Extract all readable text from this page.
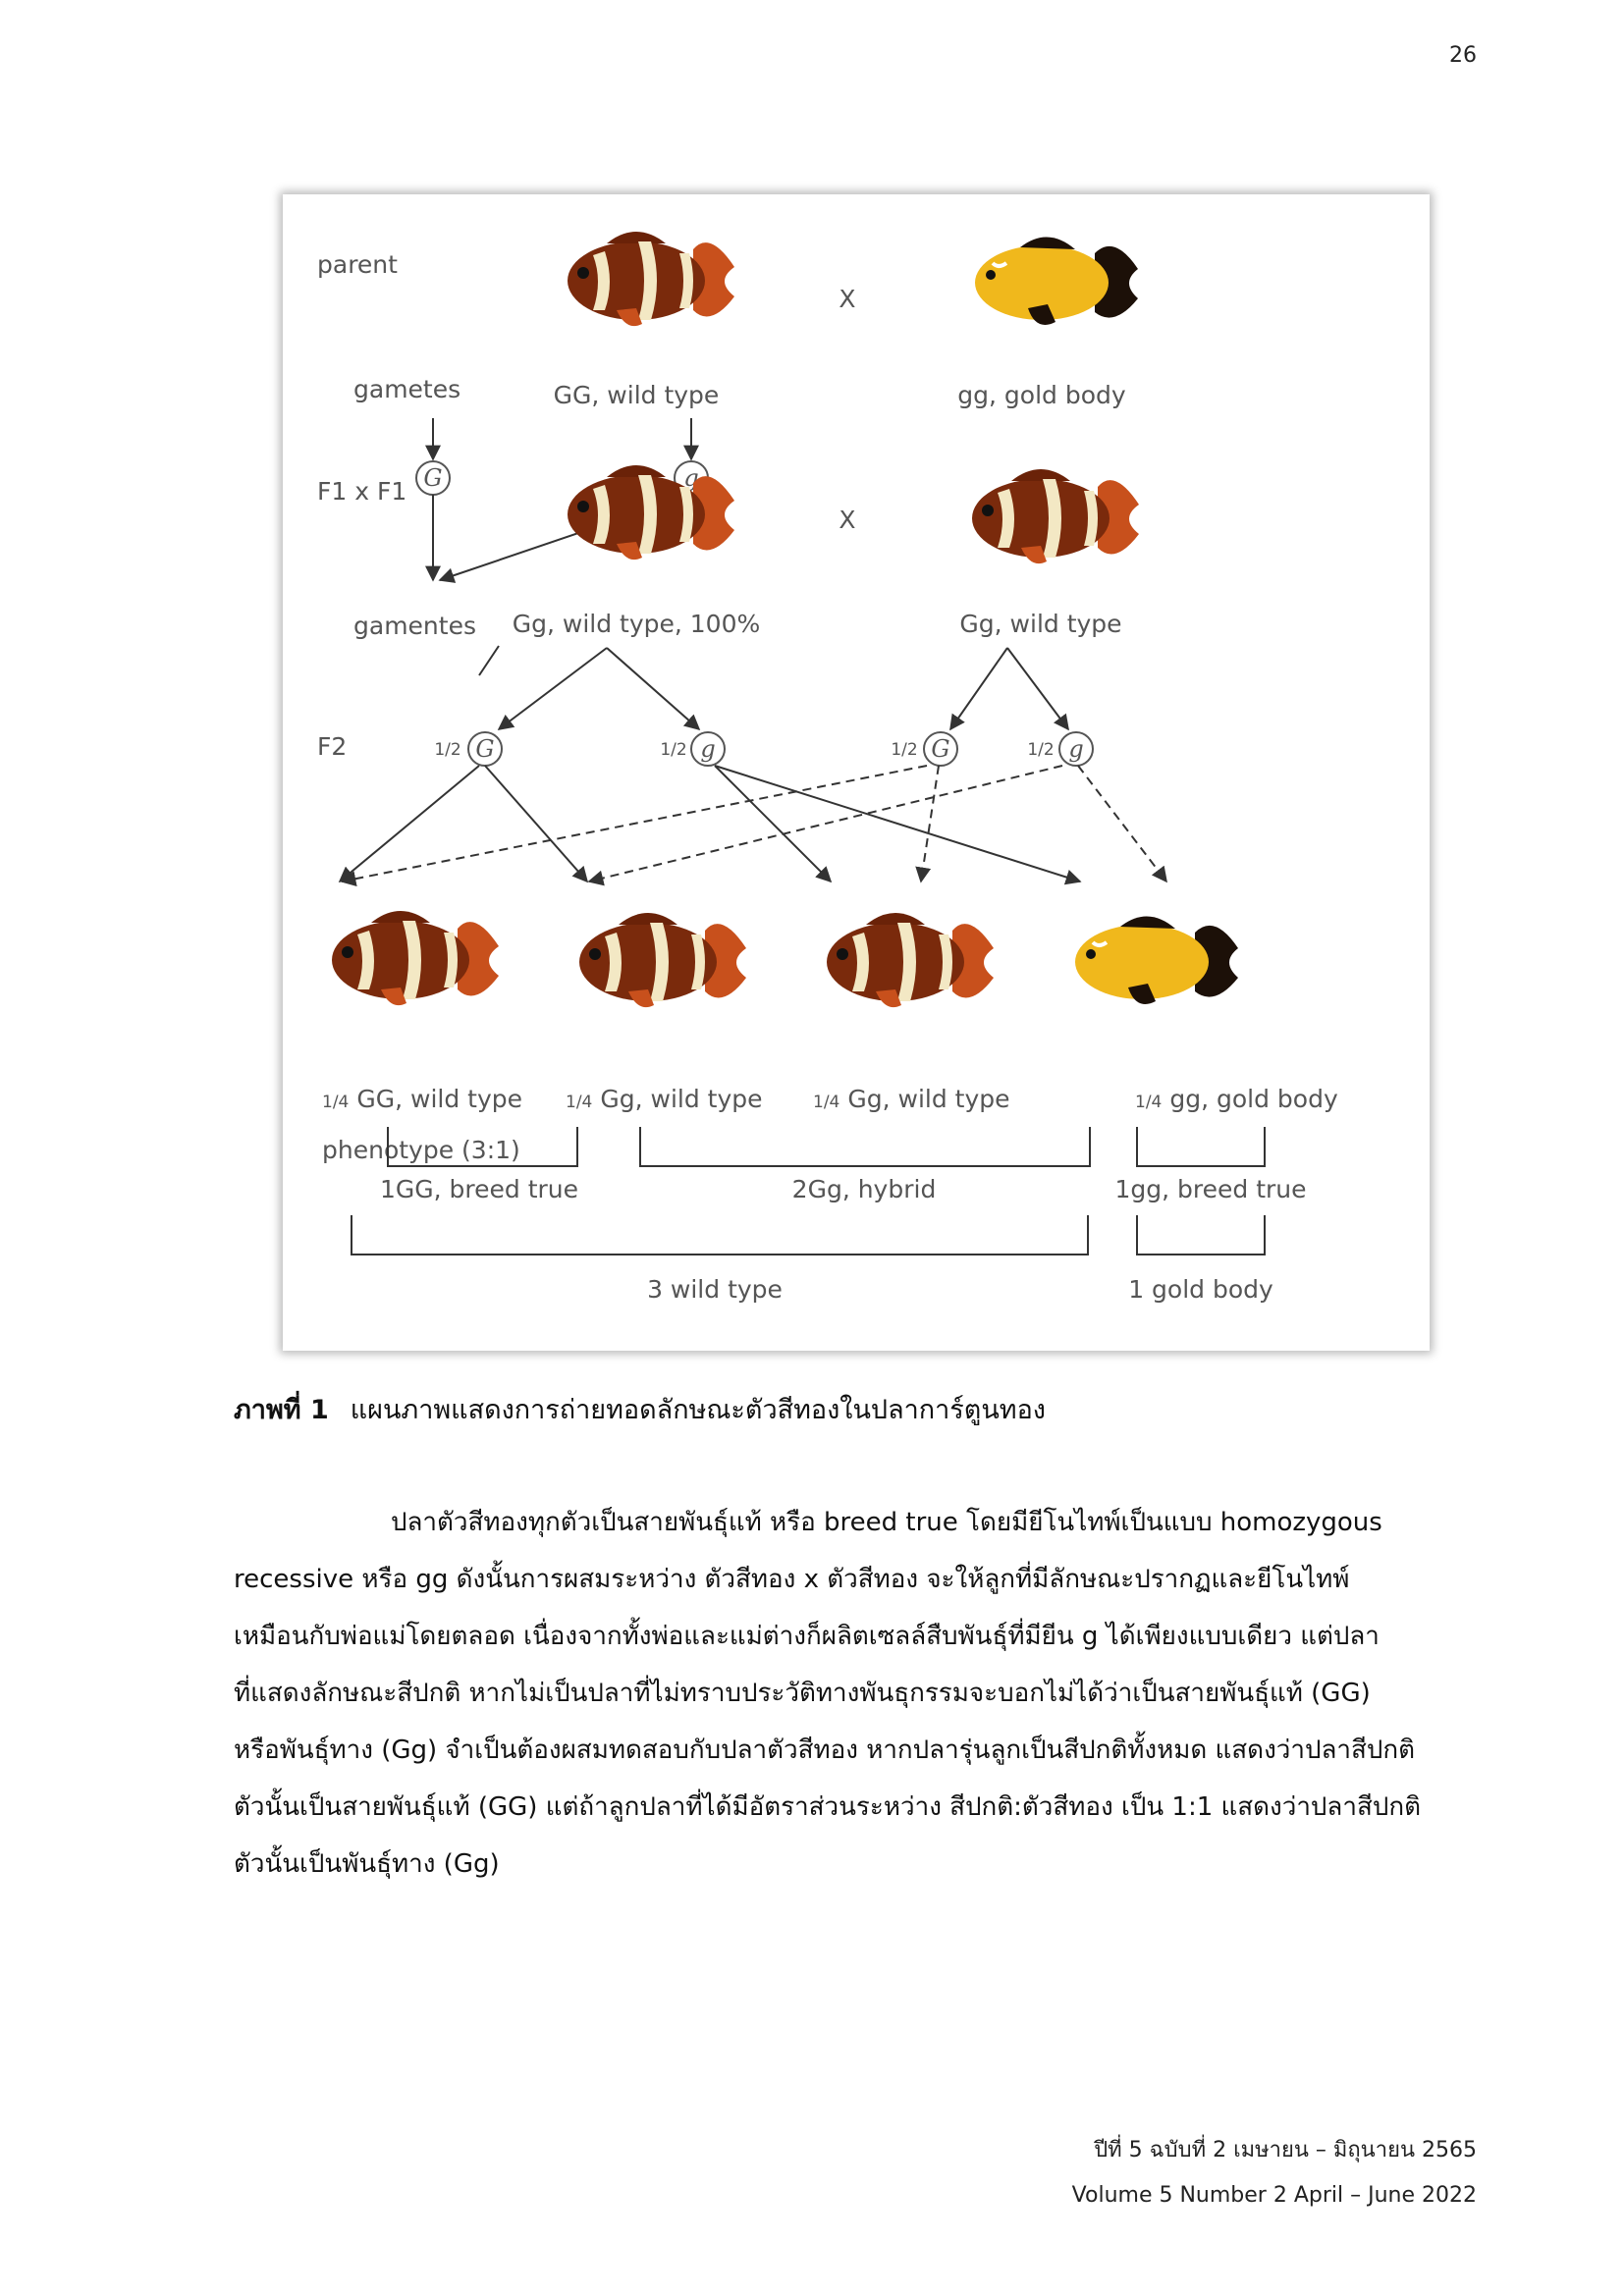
26
parent
gametes
F1 x F1
gamentes
F2
phenotype (3:1)
X
GG, wild type	gg, gold body
G	g
X
Gg, wild type, 100%	Gg, wild type
1/2 G	1/2 g	1/2 G	1/2 g
1/4 GG, wild type	1/4 Gg, wild type	1/4 Gg, wild type	1/4 gg, gold body
1GG, breed true	2Gg, hybrid	1gg, breed true
3 wild type	1 gold body
ภาพที่ 1 แผนภาพแสดงการถ่ายทอดลักษณะตัวสีทองในปลาการ์ตูนทอง
ปลาตัวสีทองทุกตัวเป็นสายพันธุ์แท้ หรือ breed true โดยมียีโนไทพ์เป็นแบบ homozygous
recessive หรือ gg ดังนั้นการผสมระหว่าง ตัวสีทอง x ตัวสีทอง จะให้ลูกที่มีลักษณะปรากฏและยีโนไทพ์
เหมือนกับพ่อแม่โดยตลอด เนื่องจากทั้งพ่อและแม่ต่างก็ผลิตเซลล์สืบพันธุ์ที่มียีน g ได้เพียงแบบเดียว แต่ปลา
ที่แสดงลักษณะสีปกติ หากไม่เป็นปลาที่ไม่ทราบประวัติทางพันธุกรรมจะบอกไม่ได้ว่าเป็นสายพันธุ์แท้ (GG)
หรือพันธุ์ทาง (Gg) จำเป็นต้องผสมทดสอบกับปลาตัวสีทอง หากปลารุ่นลูกเป็นสีปกติทั้งหมด แสดงว่าปลาสีปกติ
ตัวนั้นเป็นสายพันธุ์แท้ (GG) แต่ถ้าลูกปลาที่ได้มีอัตราส่วนระหว่าง สีปกติ:ตัวสีทอง เป็น 1:1 แสดงว่าปลาสีปกติ
ตัวนั้นเป็นพันธุ์ทาง (Gg)
ปีที่ 5 ฉบับที่ 2 เมษายน – มิถุนายน 2565
Volume 5 Number 2 April – June 2022
